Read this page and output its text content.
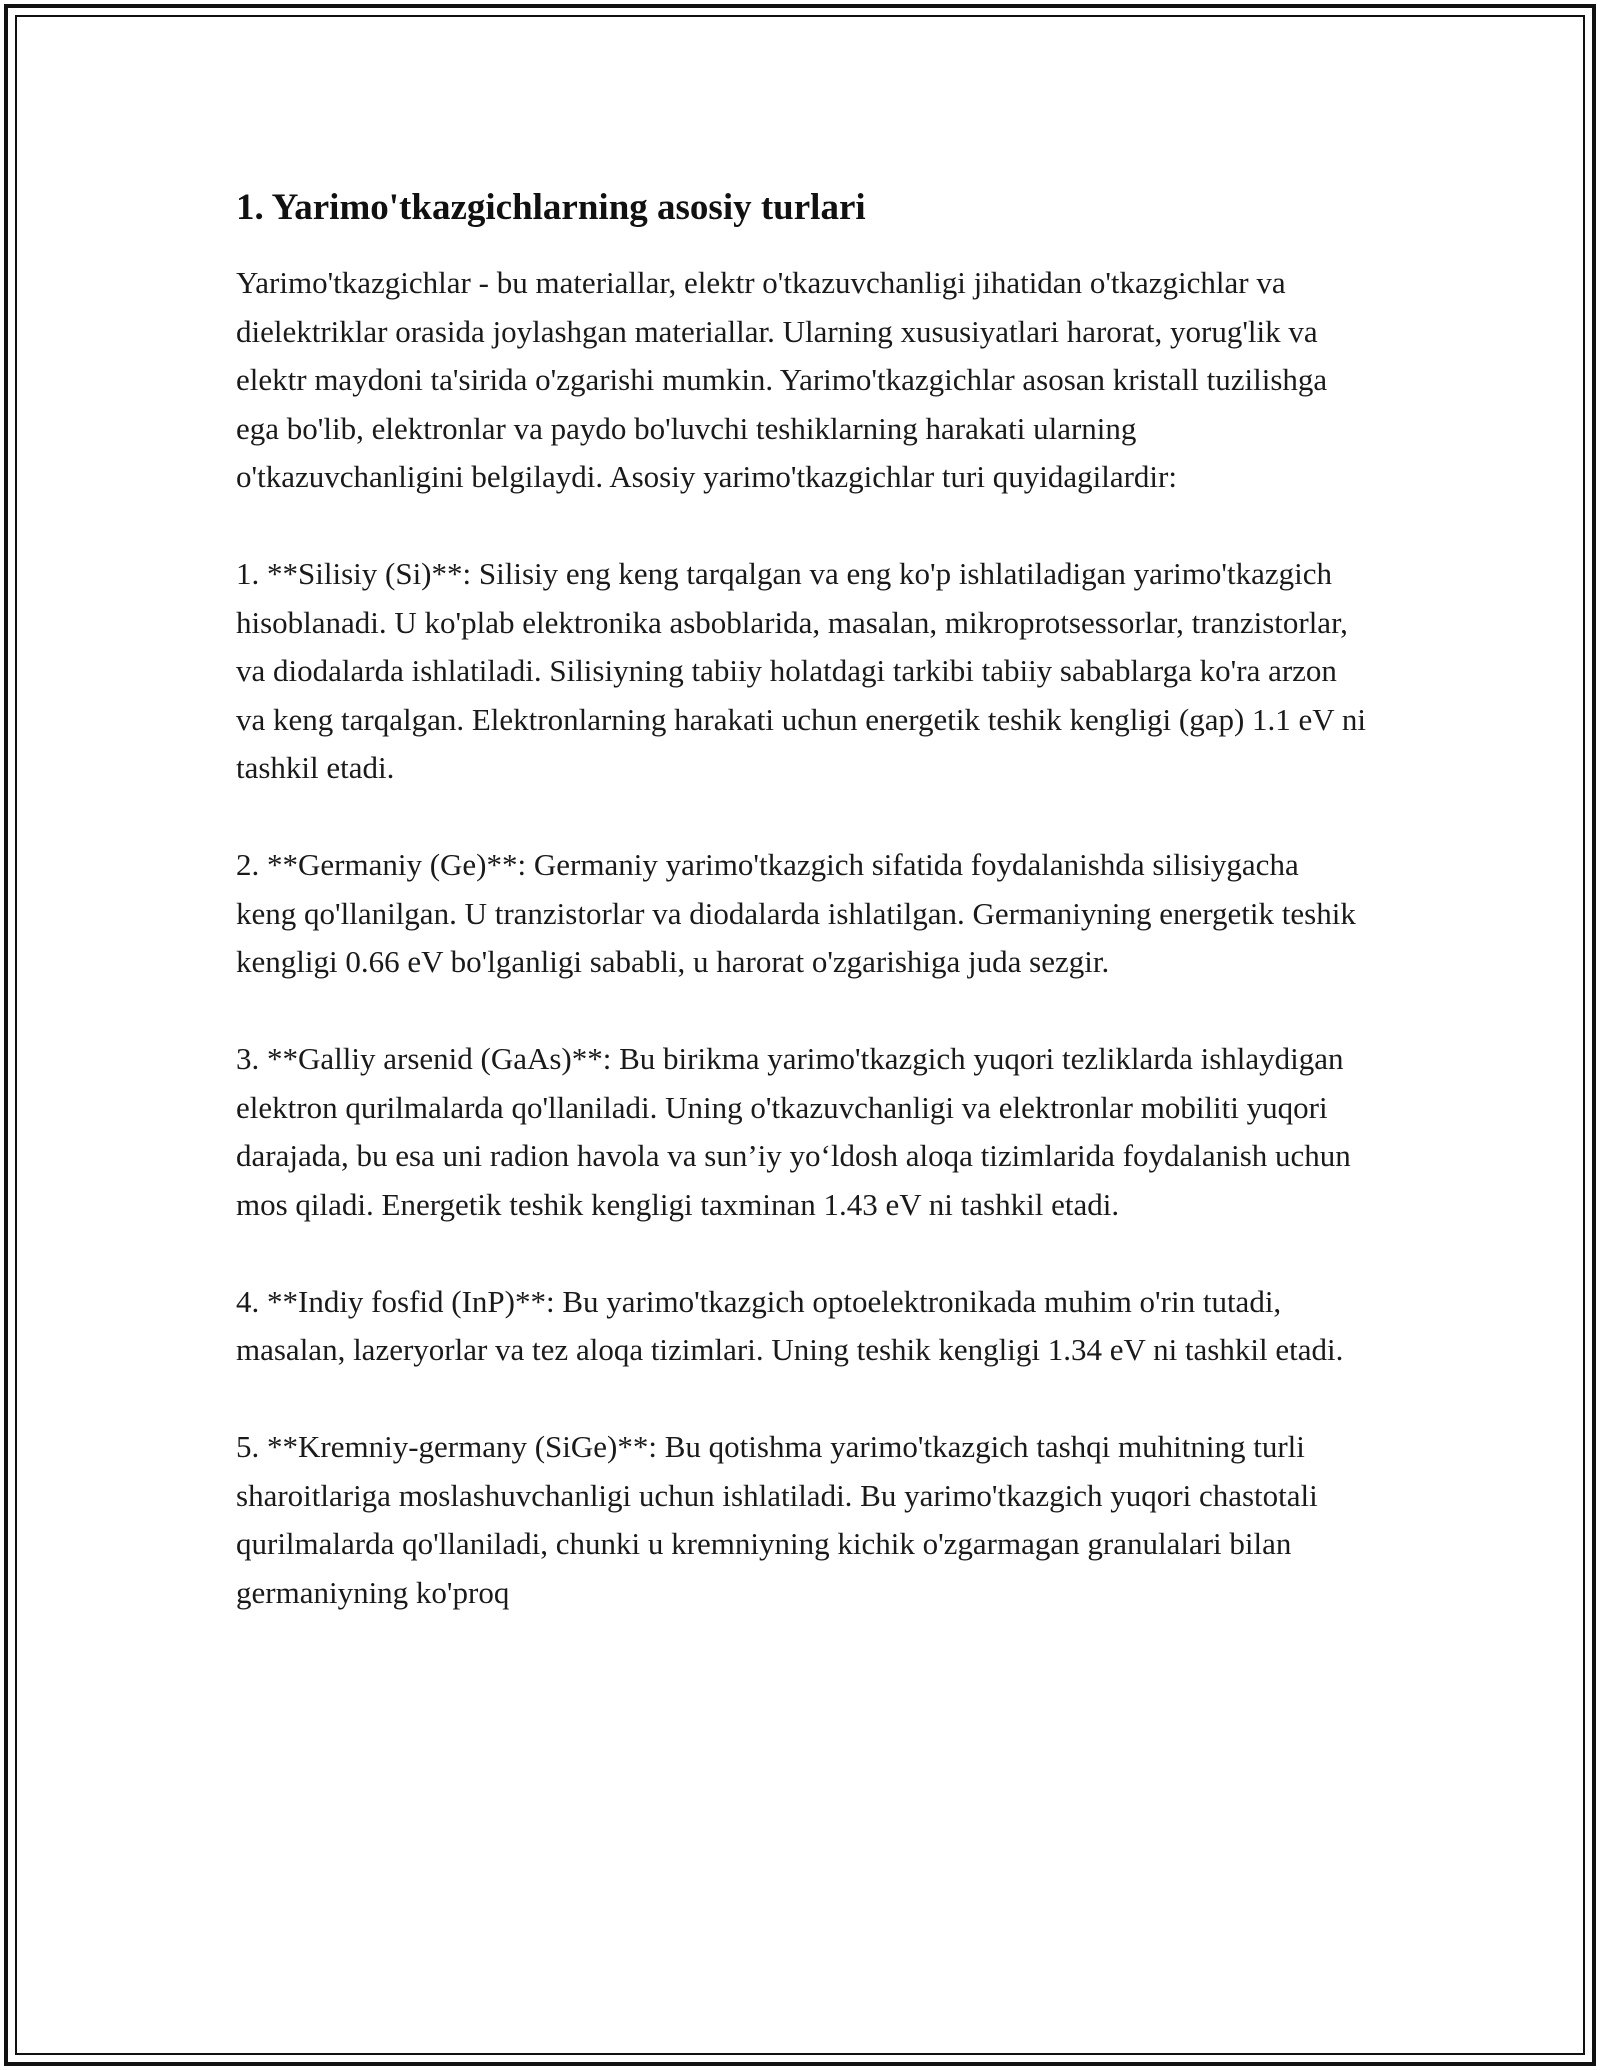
1. Yarimo'tkazgichlarning asosiy turlari

Yarimo'tkazgichlar - bu materiallar, elektr o'tkazuvchanligi jihatidan o'tkazgichlar va dielektriklar orasida joylashgan materiallar. Ularning xususiyatlari harorat, yorug'lik va elektr maydoni ta'sirida o'zgarishi mumkin. Yarimo'tkazgichlar asosan kristall tuzilishga ega bo'lib, elektronlar va paydo bo'luvchi teshiklarning harakati ularning o'tkazuvchanligini belgilaydi. Asosiy yarimo'tkazgichlar turi quyidagilardir:

1. **Silisiy (Si)**: Silisiy eng keng tarqalgan va eng ko'p ishlatiladigan yarimo'tkazgich hisoblanadi. U ko'plab elektronika asboblarida, masalan, mikroprotsessorlar, tranzistorlar, va diodalarda ishlatiladi. Silisiyning tabiiy holatdagi tarkibi tabiiy sabablarga ko'ra arzon va keng tarqalgan. Elektronlarning harakati uchun energetik teshik kengligi (gap) 1.1 eV ni tashkil etadi.

2. **Germaniy (Ge)**: Germaniy yarimo'tkazgich sifatida foydalanishda silisiygacha keng qo'llanilgan. U tranzistorlar va diodalarda ishlatilgan. Germaniyning energetik teshik kengligi 0.66 eV bo'lganligi sababli, u harorat o'zgarishiga juda sezgir.

3. **Galliy arsenid (GaAs)**: Bu birikma yarimo'tkazgich yuqori tezliklarda ishlaydigan elektron qurilmalarda qo'llaniladi. Uning o'tkazuvchanligi va elektronlar mobiliti yuqori darajada, bu esa uni radion havola va sun’iy yo‘ldosh aloqa tizimlarida foydalanish uchun mos qiladi. Energetik teshik kengligi taxminan 1.43 eV ni tashkil etadi.

4. **Indiy fosfid (InP)**: Bu yarimo'tkazgich optoelektronikada muhim o'rin tutadi, masalan, lazeryorlar va tez aloqa tizimlari. Uning teshik kengligi 1.34 eV ni tashkil etadi.

5. **Kremniy-germany (SiGe)**: Bu qotishma yarimo'tkazgich tashqi muhitning turli sharoitlariga moslashuvchanligi uchun ishlatiladi. Bu yarimo'tkazgich yuqori chastotali qurilmalarda qo'llaniladi, chunki u kremniyning kichik o'zgarmagan granulalari bilan germaniyning ko'proq
